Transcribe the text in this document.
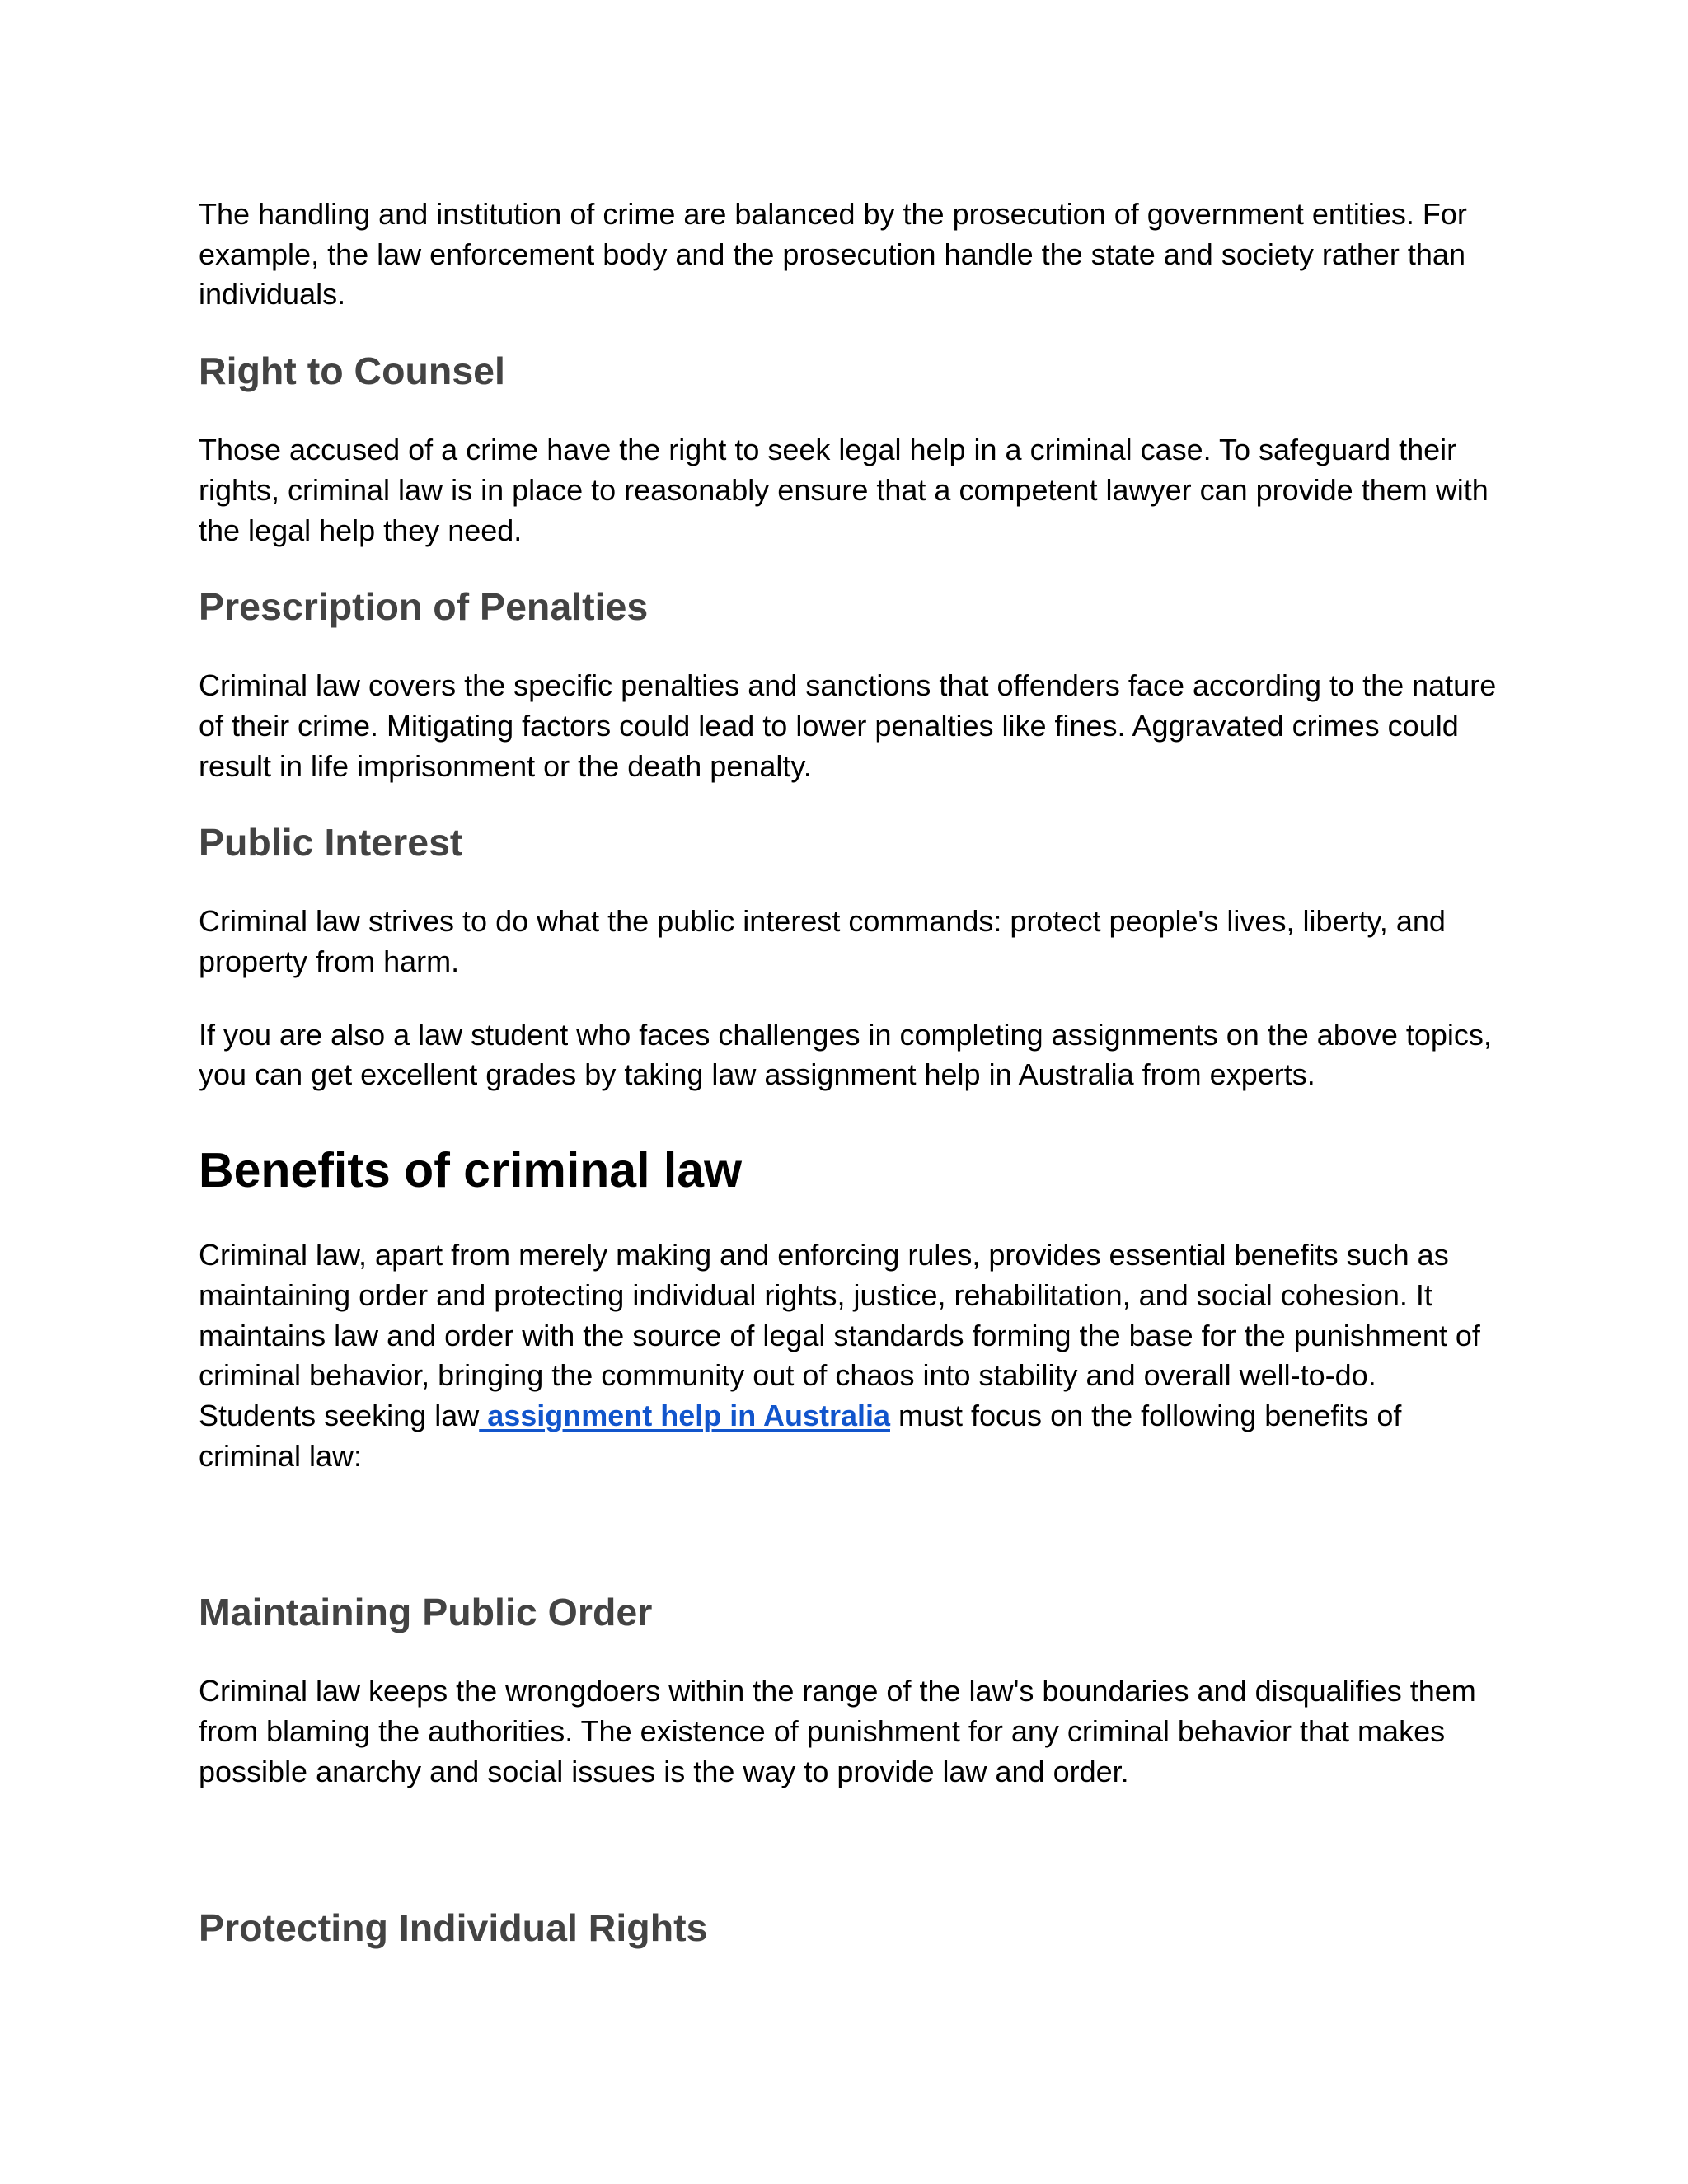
The handling and institution of crime are balanced by the prosecution of government entities. For example, the law enforcement body and the prosecution handle the state and society rather than individuals.

Right to Counsel

Those accused of a crime have the right to seek legal help in a criminal case. To safeguard their rights, criminal law is in place to reasonably ensure that a competent lawyer can provide them with the legal help they need.

Prescription of Penalties

Criminal law covers the specific penalties and sanctions that offenders face according to the nature of their crime. Mitigating factors could lead to lower penalties like fines. Aggravated crimes could result in life imprisonment or the death penalty.

Public Interest

Criminal law strives to do what the public interest commands: protect people's lives, liberty, and property from harm.

If you are also a law student who faces challenges in completing assignments on the above topics, you can get excellent grades by taking law assignment help in Australia from experts.

Benefits of criminal law

Criminal law, apart from merely making and enforcing rules, provides essential benefits such as maintaining order and protecting individual rights, justice, rehabilitation, and social cohesion. It maintains law and order with the source of legal standards forming the base for the punishment of criminal behavior, bringing the community out of chaos into stability and overall well-to-do. Students seeking law assignment help in Australia must focus on the following benefits of criminal law:

Maintaining Public Order

Criminal law keeps the wrongdoers within the range of the law's boundaries and disqualifies them from blaming the authorities. The existence of punishment for any criminal behavior that makes possible anarchy and social issues is the way to provide law and order.

Protecting Individual Rights
